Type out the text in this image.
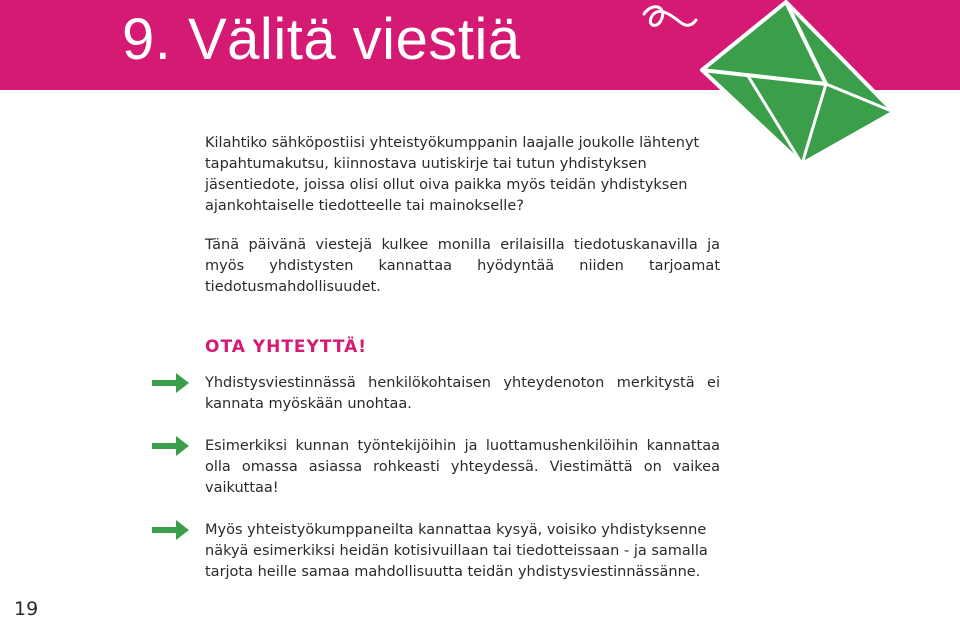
9. Välitä viestiä

Kilahtiko sähköpostiisi yhteistyökumppanin laajalle joukolle lähtenyt tapahtumakutsu, kiinnostava uutiskirje tai tutun yhdistyksen jäsentiedote, joissa olisi ollut oiva paikka myös teidän yhdistyksen ajankohtaiselle tiedotteelle tai mainokselle?

Tänä päivänä viestejä kulkee monilla erilaisilla tiedotuskanavilla ja myös yhdistysten kannattaa hyödyntää niiden tarjoamat tiedotusmahdollisuudet.

OTA YHTEYTTÄ!

Yhdistysviestinnässä henkilökohtaisen yhteydenoton merkitystä ei kannata myöskään unohtaa.

Esimerkiksi kunnan työntekijöihin ja luottamushenkilöihin kannattaa olla omassa asiassa rohkeasti yhteydessä. Viestimättä on vaikea vaikuttaa!

Myös yhteistyökumppaneilta kannattaa kysyä, voisiko yhdistyksenne näkyä esimerkiksi heidän kotisivuillaan tai tiedotteissaan - ja samalla tarjota heille samaa mahdollisuutta teidän yhdistysviestinnässänne.

19
